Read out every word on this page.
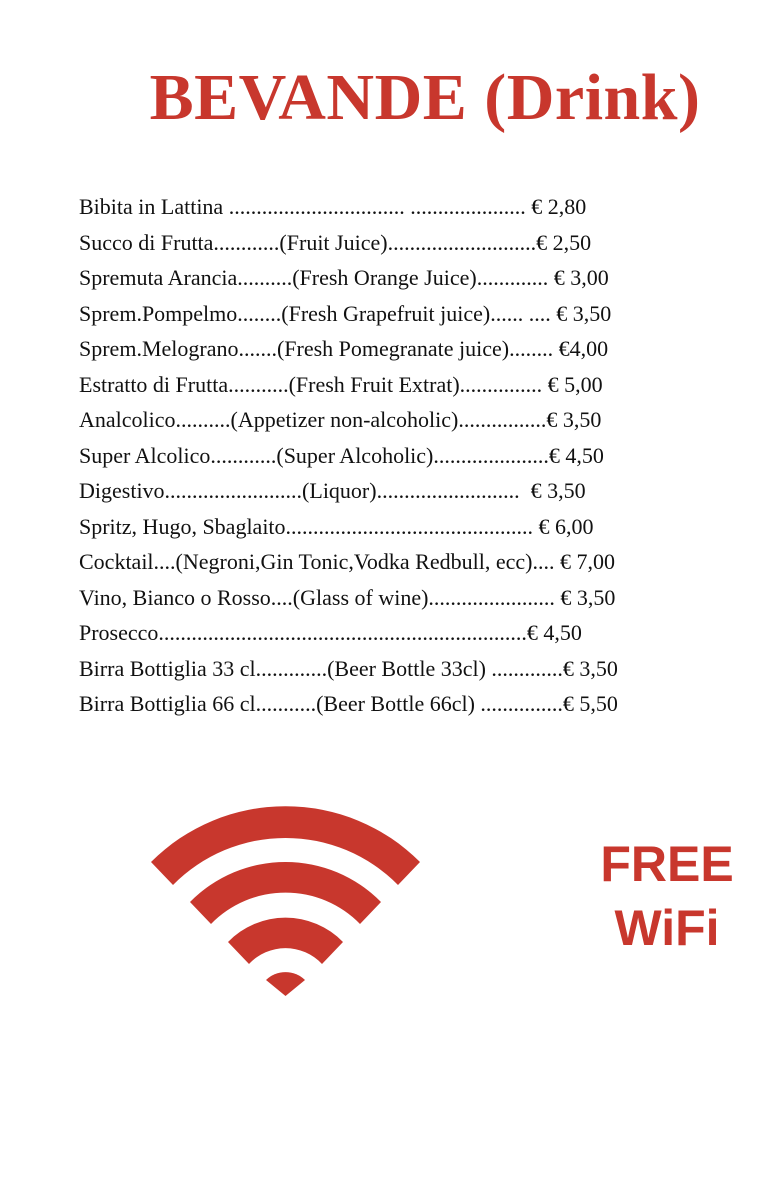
BEVANDE (Drink)
Bibita in Lattina ................................ ..................... € 2,80
Succo di Frutta............(Fruit Juice)...........................€ 2,50
Spremuta Arancia..........(Fresh Orange Juice)............. € 3,00
Sprem.Pompelmo........(Fresh Grapefruit juice)...... .... € 3,50
Sprem.Melograno.......(Fresh Pomegranate juice)........ €4,00
Estratto di Frutta...........(Fresh Fruit Extrat)............... € 5,00
Analcolico..........(Appetizer non-alcoholic)................€ 3,50
Super Alcolico............(Super Alcoholic).....................€ 4,50
Digestivo.........................(Liquor)..........................  € 3,50
Spritz, Hugo, Sbaglaito............................................. € 6,00
Cocktail....(Negroni,Gin Tonic,Vodka Redbull, ecc).... € 7,00
Vino, Bianco o Rosso....(Glass of wine)....................... € 3,50
Prosecco...................................................................€ 4,50
Birra Bottiglia 33 cl.............(Beer Bottle 33cl) .............€ 3,50
Birra Bottiglia 66 cl...........(Beer Bottle 66cl) ...............€ 5,50
FREE
WiFi
